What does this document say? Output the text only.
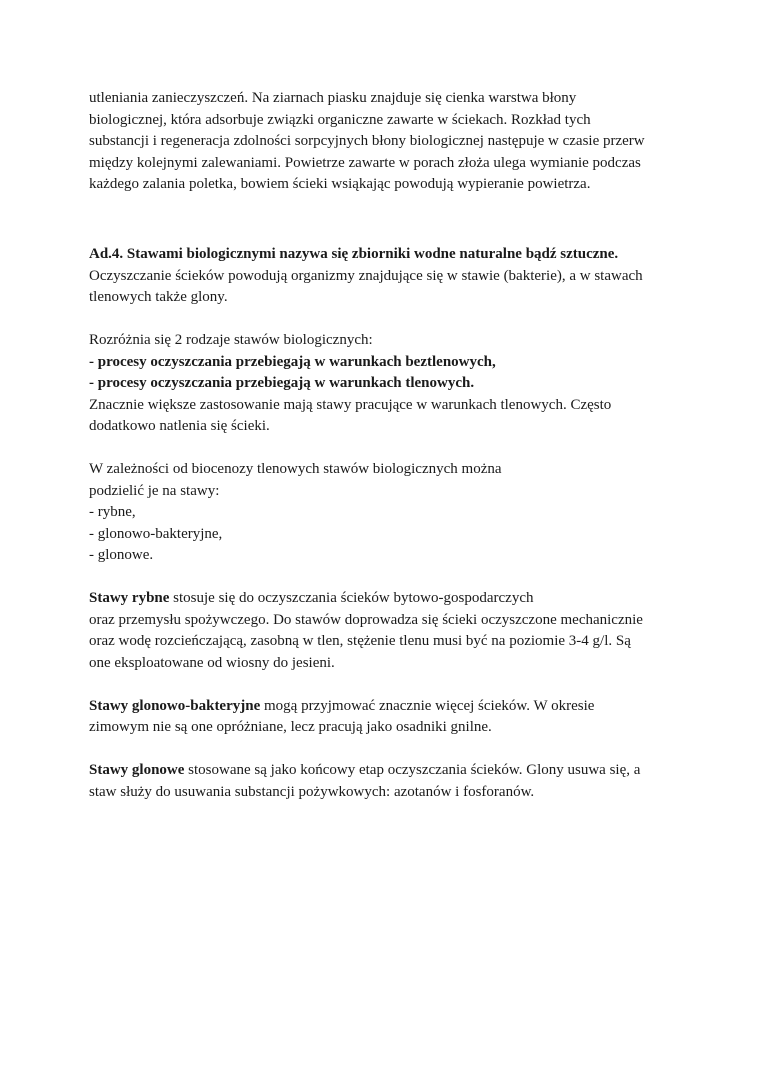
utleniania zanieczyszczeń. Na ziarnach piasku znajduje się cienka warstwa błony
biologicznej, która adsorbuje związki organiczne zawarte w ściekach. Rozkład tych
substancji i regeneracja zdolności sorpcyjnych błony biologicznej następuje w czasie przerw
między kolejnymi zalewaniami. Powietrze zawarte w porach złoża ulega wymianie podczas
każdego zalania poletka, bowiem ścieki wsiąkając powodują wypieranie powietrza.
Ad.4. Stawami biologicznymi nazywa się zbiorniki wodne naturalne bądź sztuczne.
Oczyszczanie ścieków powodują organizmy znajdujące się w stawie (bakterie), a w stawach
tlenowych także glony.
Rozróżnia się 2 rodzaje stawów biologicznych:
- procesy oczyszczania przebiegają w warunkach beztlenowych,
- procesy oczyszczania przebiegają w warunkach tlenowych.
Znacznie większe zastosowanie mają stawy pracujące w warunkach tlenowych. Często
dodatkowo natlenia się ścieki.
W zależności od biocenozy tlenowych stawów biologicznych można
podzielić je na stawy:
- rybne,
- glonowo-bakteryjne,
- glonowe.
Stawy rybne stosuje się do oczyszczania ścieków bytowo-gospodarczych
oraz przemysłu spożywczego. Do stawów doprowadza się ścieki oczyszczone mechanicznie
oraz wodę rozcieńczającą, zasobną w tlen, stężenie tlenu musi być na poziomie 3-4 g/l. Są
one eksploatowane od wiosny do jesieni.
Stawy glonowo-bakteryjne mogą przyjmować znacznie więcej ścieków. W okresie
zimowym nie są one opróżniane, lecz pracują jako osadniki gnilne.
Stawy glonowe stosowane są jako końcowy etap oczyszczania ścieków. Glony usuwa się, a
staw służy do usuwania substancji pożywkowych: azotanów i fosforanów.
